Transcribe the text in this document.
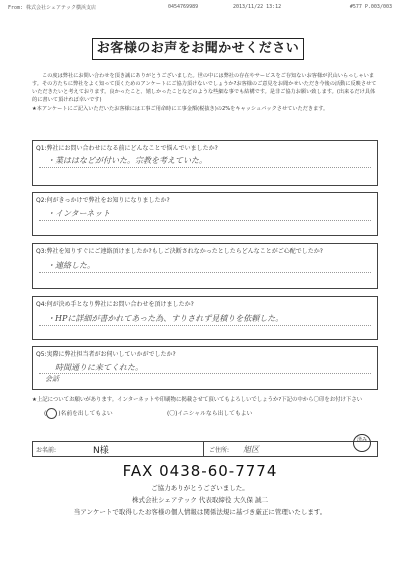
From: 株式会社シェアテック横浜支店	0454769989	2013/11/22 13:12	#577 P.003/003
お客様のお声をお聞かせください

この度は弊社にお問い合わせを頂き誠にありがとうございました。世の中には弊社の存在やサービスをご存知ないお客様が沢山いらっしゃいます。その方たちに弊社をよく知って頂くためのアンケートにご協力頂けないでしょうか?お客様のご意見をお聞かせいただき今後の活動に反映させていただきたいと考えております。良かったこと、嬉しかったことなどのような些細な事でも結構です。是非ご協力お願い致します。(出来るだけ具体的に書いて頂ければ幸いです)

★本アンケートにご記入いただいたお客様には工事ご用命時に工事金額(税抜き)の2%をキャッシュバックさせていただきます。

Q1:弊社にお問い合わせになる前にどんなことで悩んでいましたか?
・業ははなどが付いた。宗教を考えていた。
Q2:何がきっかけで弊社をお知りになりましたか?
・インターネット
Q3:弊社を知りすぐにご連絡頂けましたか?もしご決断されなかったとしたらどんなことがご心配でしたか?
・連絡した。
Q4:何が決め手となり弊社にお問い合わせを頂けましたか?
・HPに詳細が書かれてあった為、すりされず見積りを依頼した。
Q5:実際に弊社担当者がお伺いしていかがでしたか?
時間通りに来てくれた。
会話
★上記についてお願いがあります。インターネットや印刷物に掲載させて頂いてもよろしいでしょうか?下記の中から〇印をお付け下さい
( )名前を出してもよい	(〇)イニシャルなら出してもよい
お名前:	N様	ご住所: 旭区
済み
FAX 0438-60-7774
ご協力ありがとうございました。
株式会社シェアテック 代表取締役 大久保 誠二
当アンケートで取得したお客様の個人情報は関係法規に基づき厳正に管理いたします。
